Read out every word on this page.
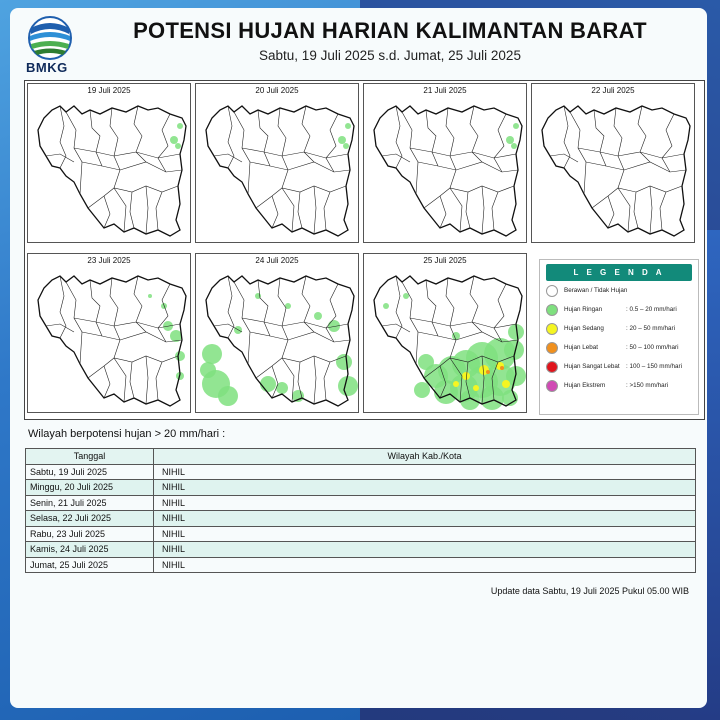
BMKG
POTENSI HUJAN HARIAN KALIMANTAN BARAT
Sabtu, 19 Juli 2025 s.d. Jumat, 25 Juli 2025
19 Juli 2025	20 Juli 2025	21 Juli 2025	22 Juli 2025
23 Juli 2025	24 Juli 2025	25 Juli 2025
L E G E N D A
Berawan / Tidak Hujan
Hujan Ringan	: 0.5 – 20 mm/hari
Hujan Sedang	: 20 – 50 mm/hari
Hujan Lebat	: 50 – 100 mm/hari
Hujan Sangat Lebat	: 100 – 150 mm/hari
Hujan Ekstrem	: >150 mm/hari
Wilayah berpotensi hujan > 20 mm/hari :
Tanggal	Wilayah Kab./Kota
Sabtu, 19 Juli 2025	NIHIL
Minggu, 20 Juli 2025	NIHIL
Senin, 21 Juli 2025	NIHIL
Selasa, 22 Juli 2025	NIHIL
Rabu, 23 Juli 2025	NIHIL
Kamis, 24 Juli 2025	NIHIL
Jumat, 25 Juli 2025	NIHIL
Update data Sabtu, 19 Juli 2025 Pukul 05.00 WIB
